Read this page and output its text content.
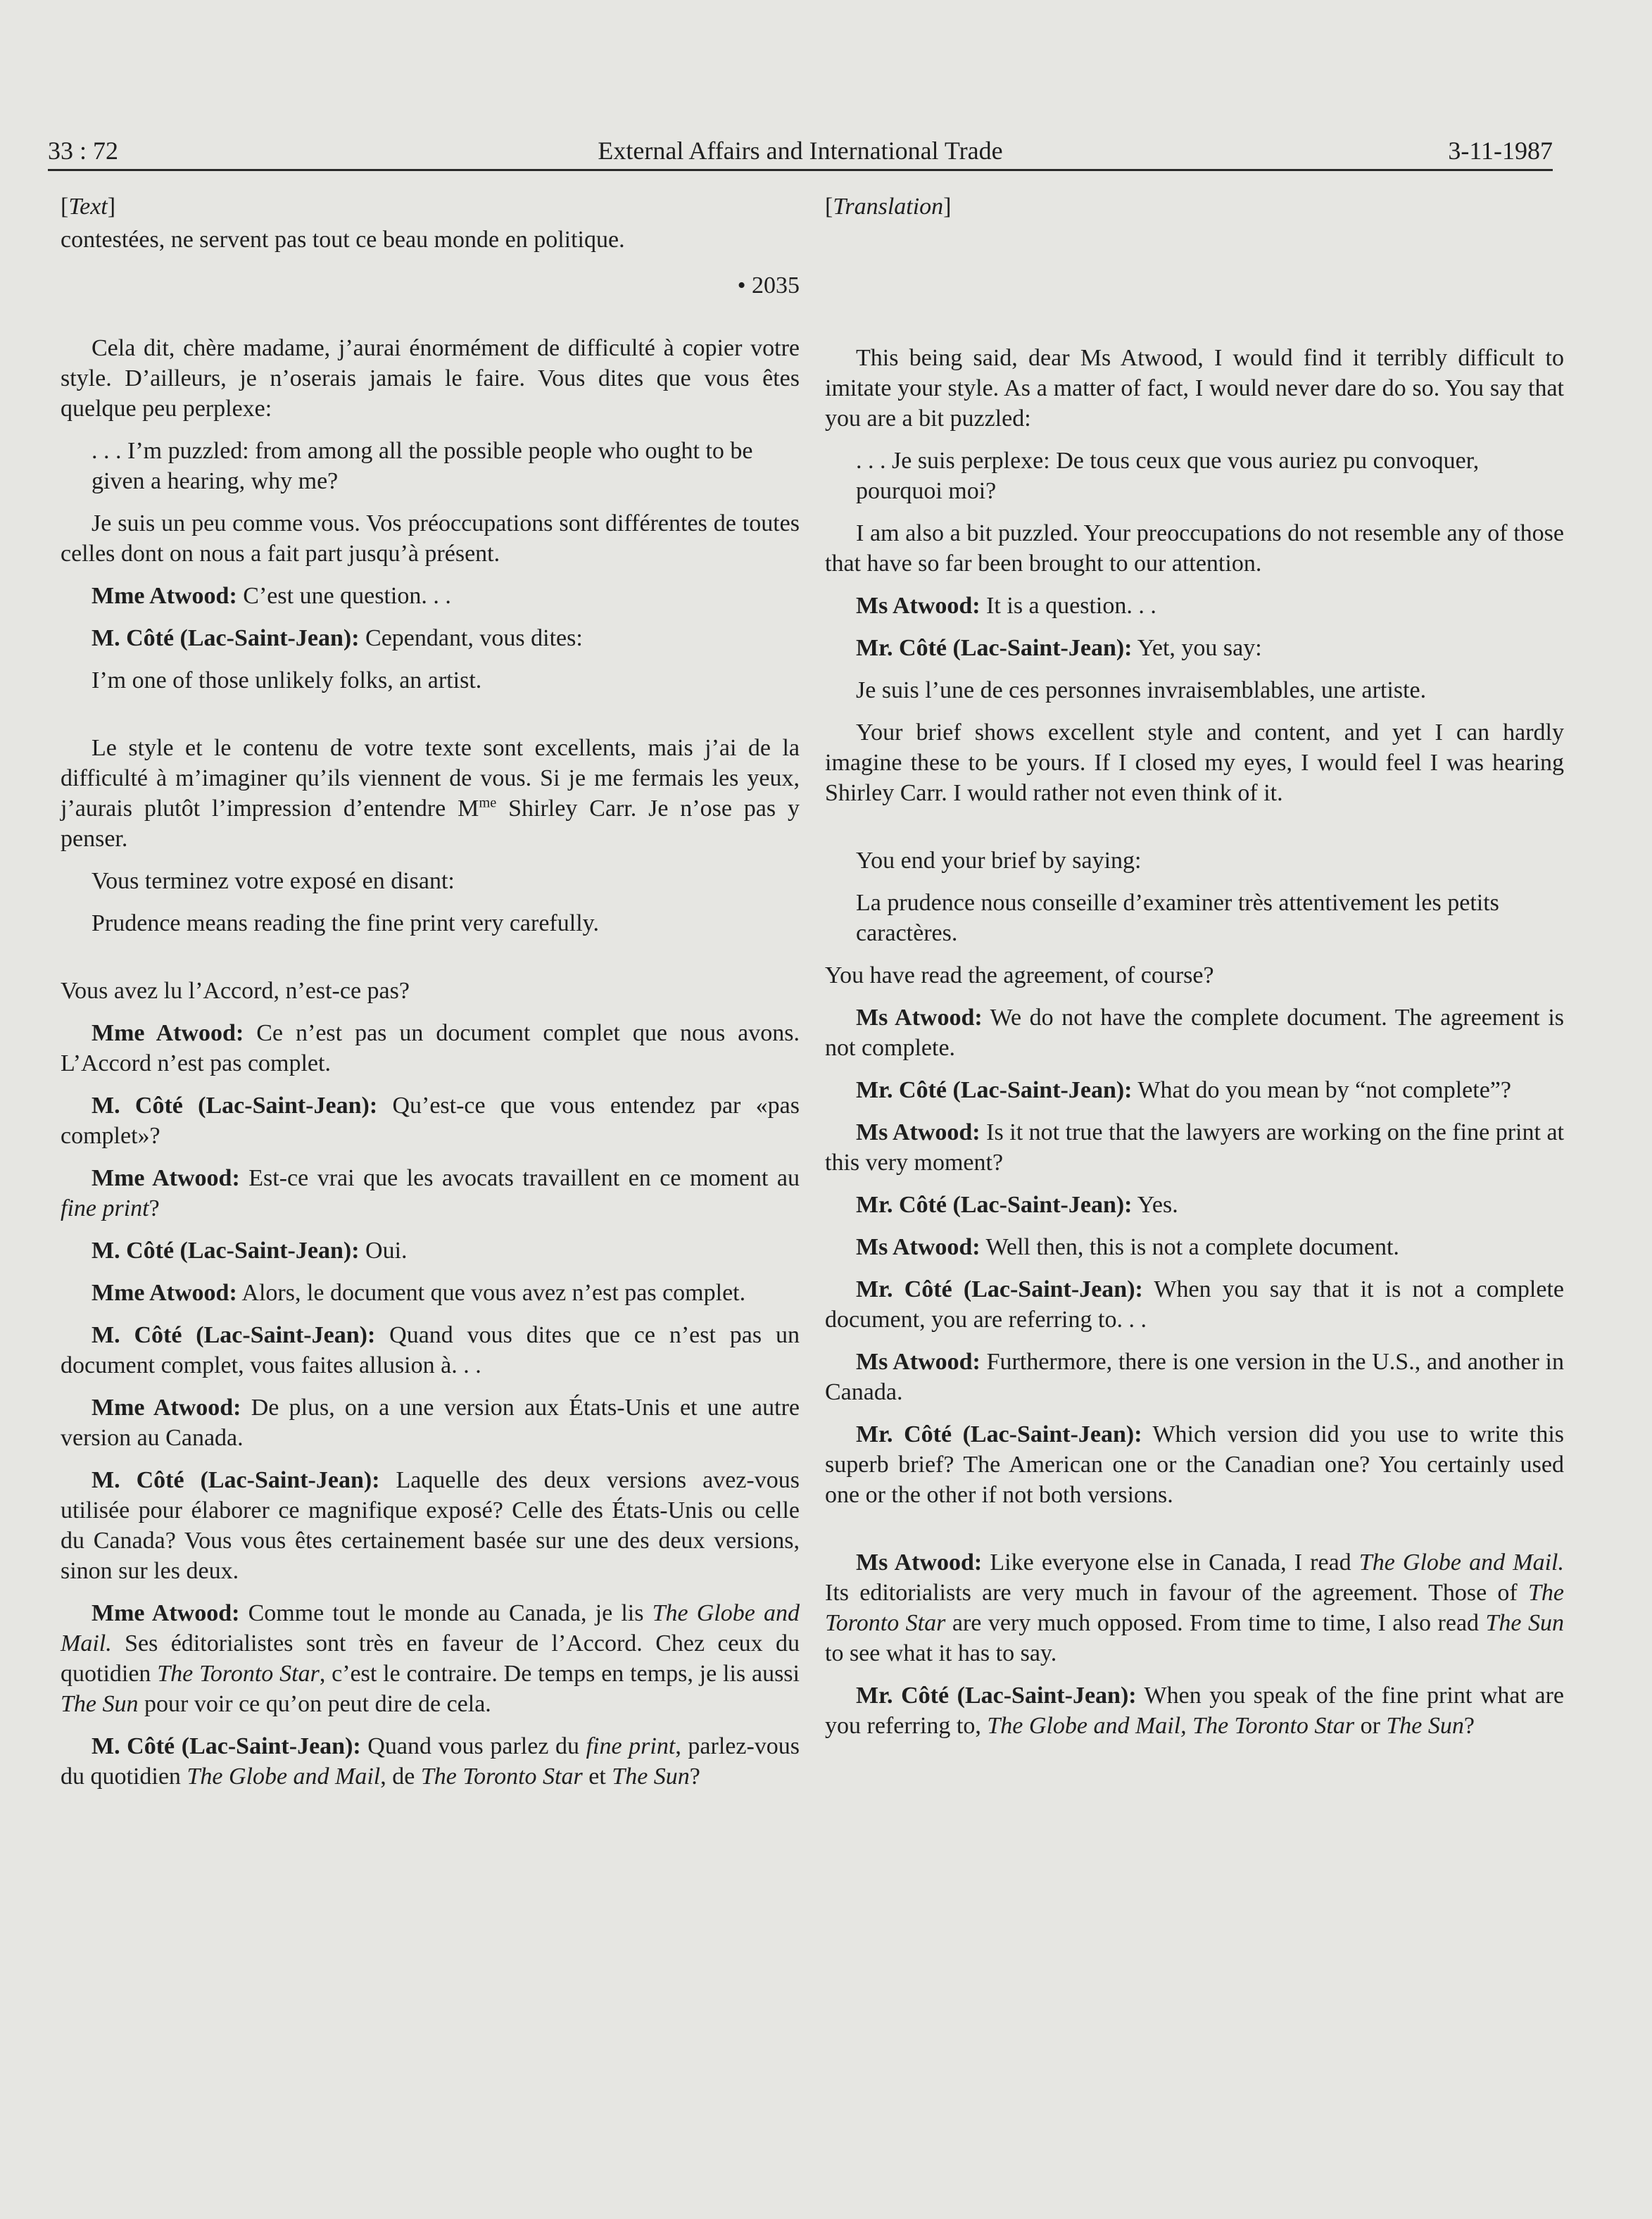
33 : 72	External Affairs and International Trade	3-11-1987
[Text]

contestées, ne servent pas tout ce beau monde en politique.

• 2035

Cela dit, chère madame, j’aurai énormément de difficulté à copier votre style. D’ailleurs, je n’oserais jamais le faire. Vous dites que vous êtes quelque peu perplexe:

. . . I’m puzzled: from among all the possible people who ought to be given a hearing, why me?

Je suis un peu comme vous. Vos préoccupations sont différentes de toutes celles dont on nous a fait part jusqu’à présent.

Mme Atwood: C’est une question. . .

M. Côté (Lac-Saint-Jean): Cependant, vous dites:

I’m one of those unlikely folks, an artist.

Le style et le contenu de votre texte sont excellents, mais j’ai de la difficulté à m’imaginer qu’ils viennent de vous. Si je me fermais les yeux, j’aurais plutôt l’impression d’entendre $M^{me}$ Shirley Carr. Je n’ose pas y penser.

Vous terminez votre exposé en disant:

Prudence means reading the fine print very carefully.

Vous avez lu l’Accord, n’est-ce pas?

Mme Atwood: Ce n’est pas un document complet que nous avons. L’Accord n’est pas complet.

M. Côté (Lac-Saint-Jean): Qu’est-ce que vous entendez par «pas complet»?

Mme Atwood: Est-ce vrai que les avocats travaillent en ce moment au fine print?

M. Côté (Lac-Saint-Jean): Oui.

Mme Atwood: Alors, le document que vous avez n’est pas complet.

M. Côté (Lac-Saint-Jean): Quand vous dites que ce n’est pas un document complet, vous faites allusion à. . .

Mme Atwood: De plus, on a une version aux États-Unis et une autre version au Canada.

M. Côté (Lac-Saint-Jean): Laquelle des deux versions avez-vous utilisée pour élaborer ce magnifique exposé? Celle des États-Unis ou celle du Canada? Vous vous êtes certainement basée sur une des deux versions, sinon sur les deux.

Mme Atwood: Comme tout le monde au Canada, je lis The Globe and Mail. Ses éditorialistes sont très en faveur de l’Accord. Chez ceux du quotidien The Toronto Star, c’est le contraire. De temps en temps, je lis aussi The Sun pour voir ce qu’on peut dire de cela.

M. Côté (Lac-Saint-Jean): Quand vous parlez du fine print, parlez-vous du quotidien The Globe and Mail, de The Toronto Star et The Sun?

[Translation]

This being said, dear Ms Atwood, I would find it terribly difficult to imitate your style. As a matter of fact, I would never dare do so. You say that you are a bit puzzled:

. . . Je suis perplexe: De tous ceux que vous auriez pu convoquer, pourquoi moi?

I am also a bit puzzled. Your preoccupations do not resemble any of those that have so far been brought to our attention.

Ms Atwood: It is a question. . .

Mr. Côté (Lac-Saint-Jean): Yet, you say:

Je suis l’une de ces personnes invraisemblables, une artiste.

Your brief shows excellent style and content, and yet I can hardly imagine these to be yours. If I closed my eyes, I would feel I was hearing Shirley Carr. I would rather not even think of it.

You end your brief by saying:

La prudence nous conseille d’examiner très attentivement les petits caractères.

You have read the agreement, of course?

Ms Atwood: We do not have the complete document. The agreement is not complete.

Mr. Côté (Lac-Saint-Jean): What do you mean by “not complete”?

Ms Atwood: Is it not true that the lawyers are working on the fine print at this very moment?

Mr. Côté (Lac-Saint-Jean): Yes.

Ms Atwood: Well then, this is not a complete document.

Mr. Côté (Lac-Saint-Jean): When you say that it is not a complete document, you are referring to. . .

Ms Atwood: Furthermore, there is one version in the U.S., and another in Canada.

Mr. Côté (Lac-Saint-Jean): Which version did you use to write this superb brief? The American one or the Canadian one? You certainly used one or the other if not both versions.

Ms Atwood: Like everyone else in Canada, I read The Globe and Mail. Its editorialists are very much in favour of the agreement. Those of The Toronto Star are very much opposed. From time to time, I also read The Sun to see what it has to say.

Mr. Côté (Lac-Saint-Jean): When you speak of the fine print what are you referring to, The Globe and Mail, The Toronto Star or The Sun?
